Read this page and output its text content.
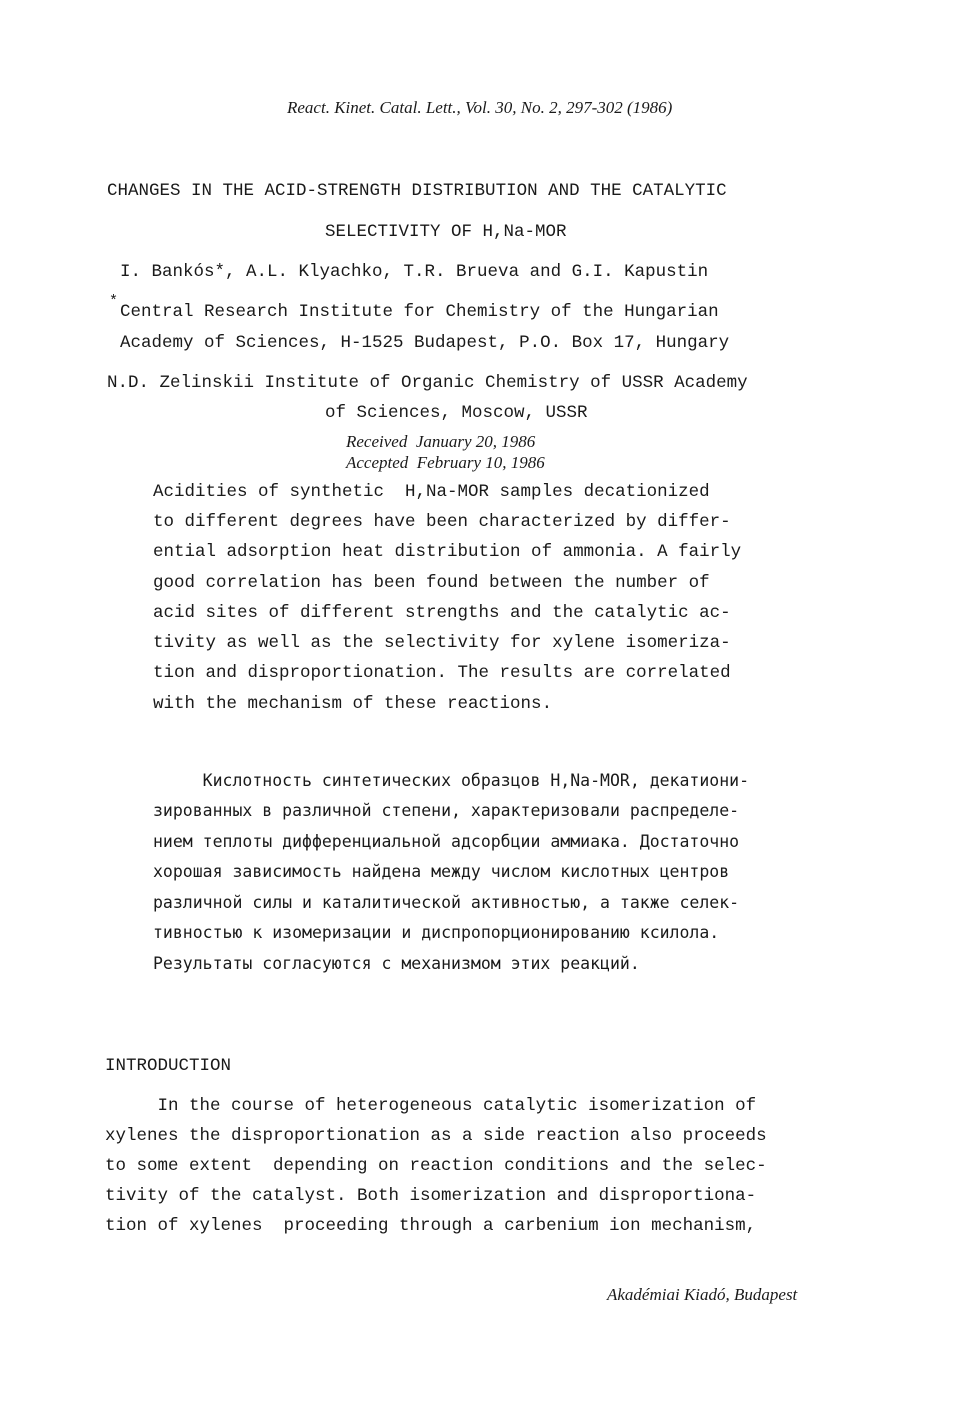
React. Kinet. Catal. Lett., Vol. 30, No. 2, 297-302 (1986)
CHANGES IN THE ACID-STRENGTH DISTRIBUTION AND THE CATALYTIC
SELECTIVITY OF H,Na-MOR
I. Bankós*, A.L. Klyachko, T.R. Brueva and G.I. Kapustin
*
Central Research Institute for Chemistry of the Hungarian
Academy of Sciences, H-1525 Budapest, P.O. Box 17, Hungary
N.D. Zelinskii Institute of Organic Chemistry of USSR Academy
of Sciences, Moscow, USSR
Received  January 20, 1986
Accepted  February 10, 1986
Acidities of synthetic  H,Na-MOR samples decationized
to different degrees have been characterized by differ-
ential adsorption heat distribution of ammonia. A fairly
good correlation has been found between the number of
acid sites of different strengths and the catalytic ac-
tivity as well as the selectivity for xylene isomeriza-
tion and disproportionation. The results are correlated
with the mechanism of these reactions.
Кислотность синтетических образцов H,Na-MOR, декатиони-
зированных в различной степени, характеризовали распределе-
нием теплоты дифференциальной адсорбции аммиака. Достаточно
хорошая зависимость найдена между числом кислотных центров
различной силы и каталитической активностью, а также селек-
тивностью к изомеризации и диспропорционированию ксилола.
Результаты согласуются с механизмом этих реакций.
INTRODUCTION
In the course of heterogeneous catalytic isomerization of
xylenes the disproportionation as a side reaction also proceeds
to some extent  depending on reaction conditions and the selec-
tivity of the catalyst. Both isomerization and disproportiona-
tion of xylenes  proceeding through a carbenium ion mechanism,
Akadémiai Kiadó, Budapest
